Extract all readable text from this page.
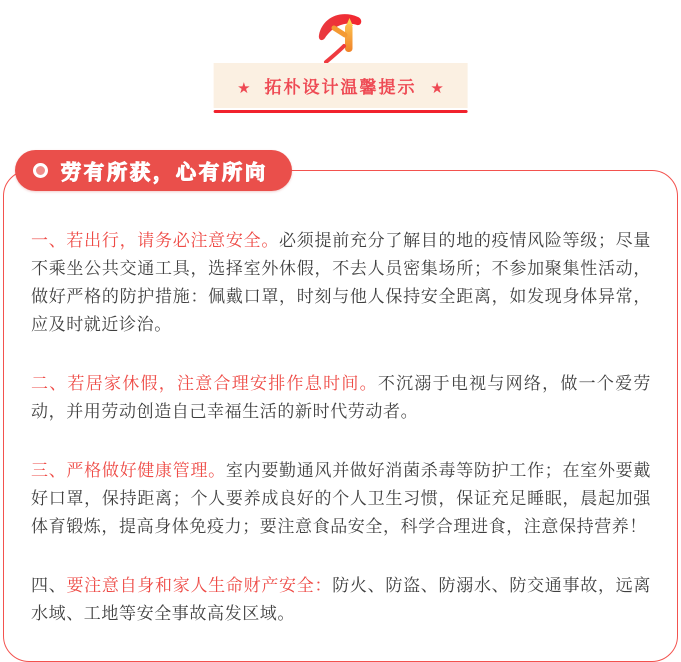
★ 拓朴设计温馨提示 ★
劳有所获，心有所向

一、若出行，请务必注意安全。必须提前充分了解目的地的疫情风险等级；尽量不乘坐公共交通工具，选择室外休假，不去人员密集场所；不参加聚集性活动，做好严格的防护措施：佩戴口罩，时刻与他人保持安全距离，如发现身体异常，应及时就近诊治。

二、若居家休假，注意合理安排作息时间。不沉溺于电视与网络，做一个爱劳动，并用劳动创造自己幸福生活的新时代劳动者。

三、严格做好健康管理。室内要勤通风并做好消菌杀毒等防护工作；在室外要戴好口罩，保持距离；个人要养成良好的个人卫生习惯，保证充足睡眠，晨起加强体育锻炼，提高身体免疫力；要注意食品安全，科学合理进食，注意保持营养！

四、要注意自身和家人生命财产安全：防火、防盗、防溺水、防交通事故，远离水域、工地等安全事故高发区域。
